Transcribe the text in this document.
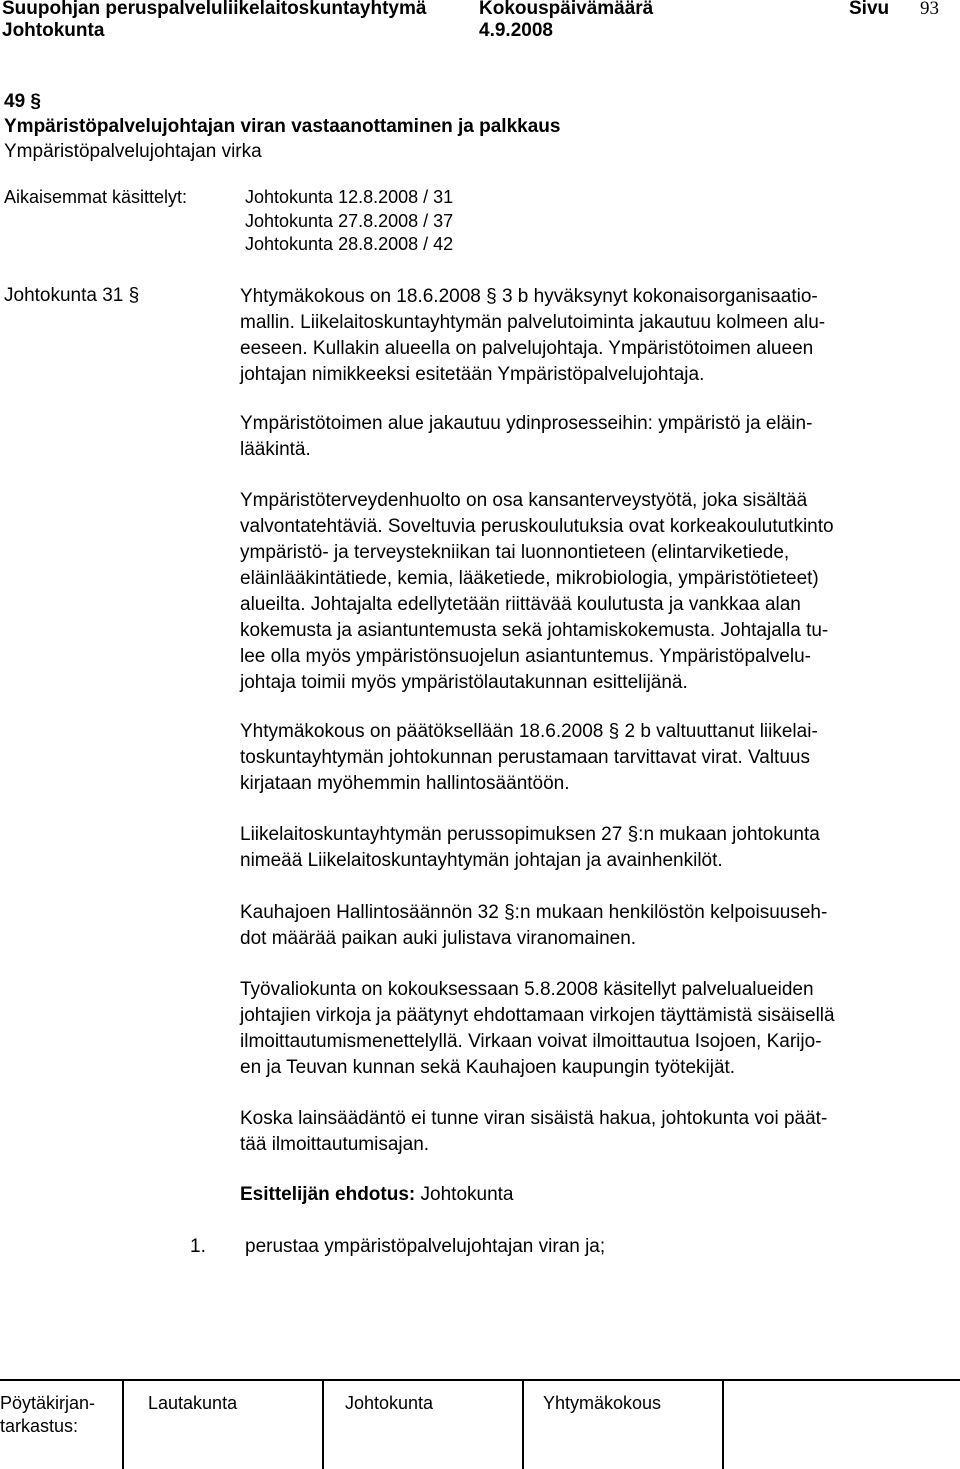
Suupohjan peruspalveluliikelaitoskuntayhtymä
Johtokunta
Kokouspäivämäärä
4.9.2008
Sivu 93
49 §
Ympäristöpalvelujohtajan viran vastaanottaminen ja palkkaus
Ympäristöpalvelujohtajan virka
Aikaisemmat käsittelyt:	Johtokunta 12.8.2008 / 31
Johtokunta 27.8.2008 / 37
Johtokunta 28.8.2008 / 42
Johtokunta 31 §	Yhtymäkokous on 18.6.2008 § 3 b hyväksynyt kokonaisorganisaatio-

mallin. Liikelaitoskuntayhtymän palvelutoiminta jakautuu kolmeen alu-

eeseen. Kullakin alueella on palvelujohtaja. Ympäristötoimen alueen

johtajan nimikkeeksi esitetään Ympäristöpalvelujohtaja.

Ympäristötoimen alue jakautuu ydinprosesseihin: ympäristö ja eläin-

lääkintä.

Ympäristöterveydenhuolto on osa kansanterveystyötä, joka sisältää

valvontatehtäviä. Soveltuvia peruskoulutuksia ovat korkeakoulututkinto

ympäristö- ja terveystekniikan tai luonnontieteen (elintarviketiede,

eläinlääkintätiede, kemia, lääketiede, mikrobiologia, ympäristötieteet)

alueilta. Johtajalta edellytetään riittävää koulutusta ja vankkaa alan

kokemusta ja asiantuntemusta sekä johtamiskokemusta. Johtajalla tu-

lee olla myös ympäristönsuojelun asiantuntemus. Ympäristöpalvelu-

johtaja toimii myös ympäristölautakunnan esittelijänä.

Yhtymäkokous on päätöksellään 18.6.2008 § 2 b valtuuttanut liikelai-

toskuntayhtymän johtokunnan perustamaan tarvittavat virat. Valtuus

kirjataan myöhemmin hallintosääntöön.

Liikelaitoskuntayhtymän perussopimuksen 27 §:n mukaan johtokunta

nimeää Liikelaitoskuntayhtymän johtajan ja avainhenkilöt.

Kauhajoen Hallintosäännön 32 §:n mukaan henkilöstön kelpoisuuseh-

dot määrää paikan auki julistava viranomainen.

Työvaliokunta on kokouksessaan 5.8.2008 käsitellyt palvelualueiden

johtajien virkoja ja päätynyt ehdottamaan virkojen täyttämistä sisäisellä

ilmoittautumismenettelyllä. Virkaan voivat ilmoittautua Isojoen, Karijo-

en ja Teuvan kunnan sekä Kauhajoen kaupungin työtekijät.

Koska lainsäädäntö ei tunne viran sisäistä hakua, johtokunta voi päät-

tää ilmoittautumisajan.

Esittelijän ehdotus: Johtokunta
1. perustaa ympäristöpalvelujohtajan viran ja;
Pöytäkirjan-
tarkastus:
Lautakunta	Johtokunta	Yhtymäkokous
